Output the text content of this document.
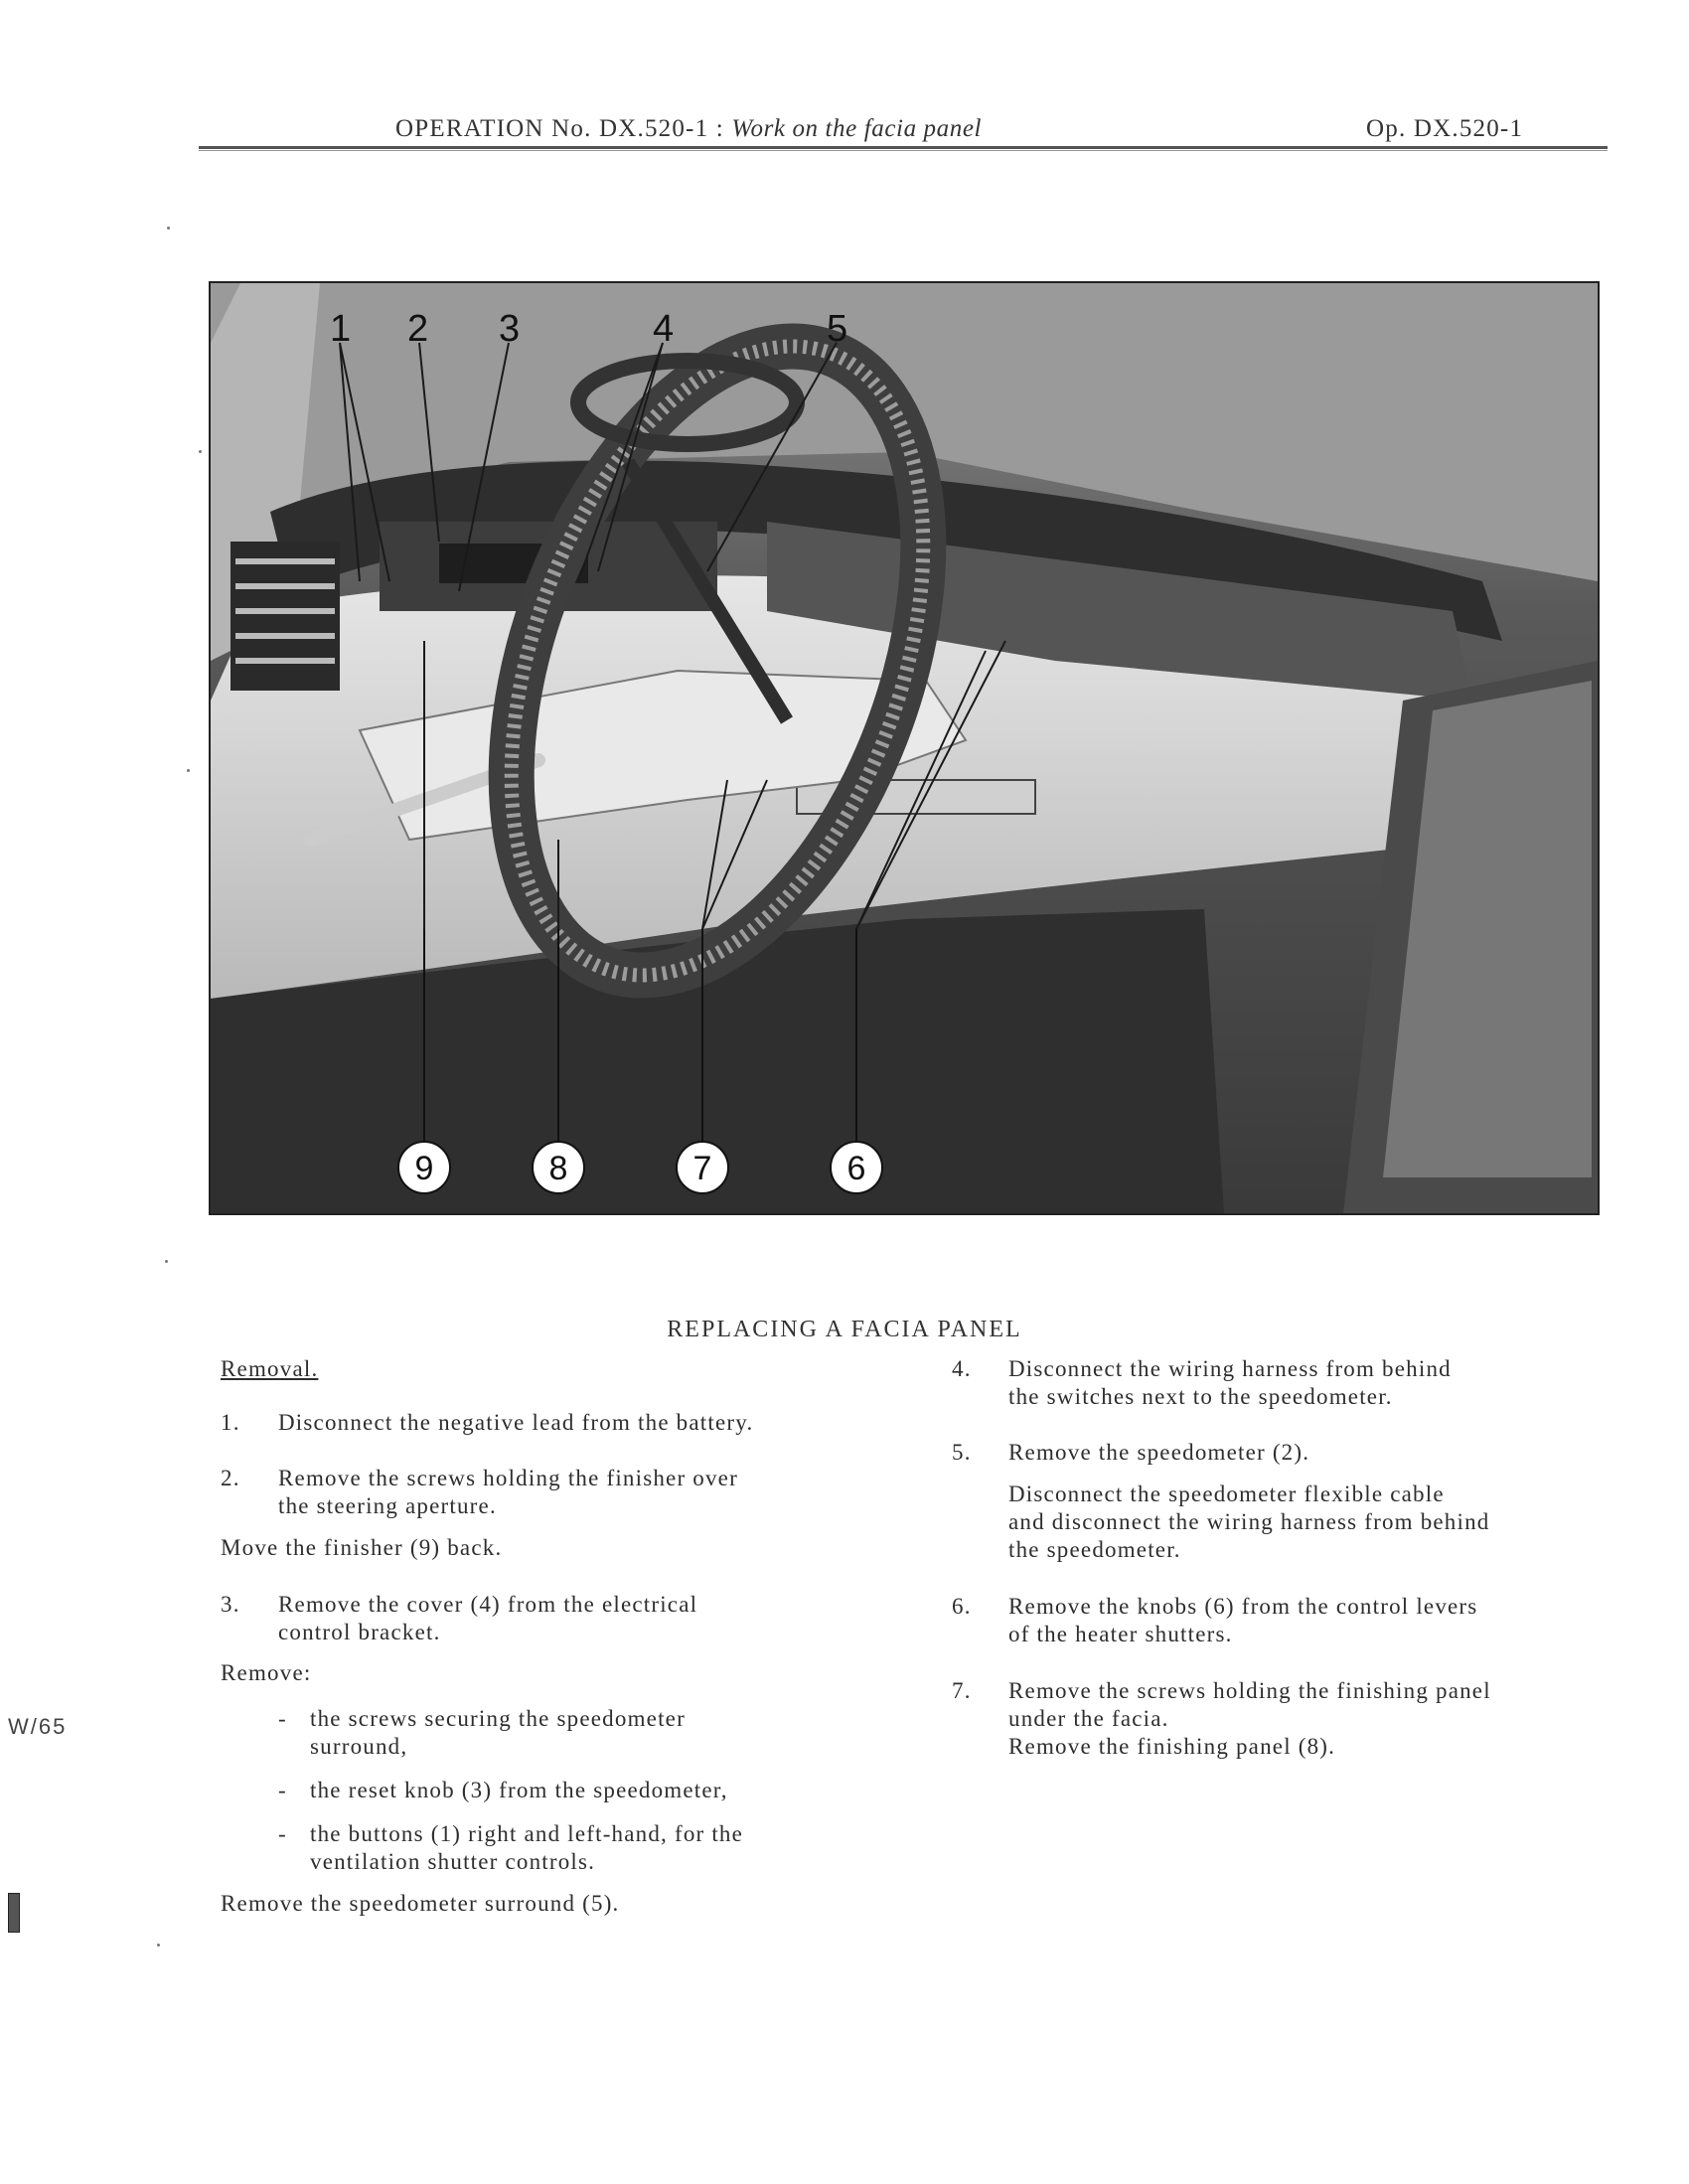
OPERATION No. DX.520-1 : Work on the facia panel	Op. DX.520-1
1 2 3	4	5
9	8	7	6
REPLACING A FACIA PANEL
Removal.
1.	Disconnect the negative lead from the battery.
2.	Remove the screws holding the finisher over
the steering aperture.
Move the finisher (9) back.
3.	Remove the cover (4) from the electrical
control bracket.
Remove:
- the screws securing the speedometer
surround,
- the reset knob (3) from the speedometer,
- the buttons (1) right and left-hand, for the
ventilation shutter controls.
Remove the speedometer surround (5).
4.	Disconnect the wiring harness from behind
the switches next to the speedometer.
5.	Remove the speedometer (2).
Disconnect the speedometer flexible cable
and disconnect the wiring harness from behind
the speedometer.
6.	Remove the knobs (6) from the control levers
of the heater shutters.
7.	Remove the screws holding the finishing panel
under the facia.
Remove the finishing panel (8).
W/65
